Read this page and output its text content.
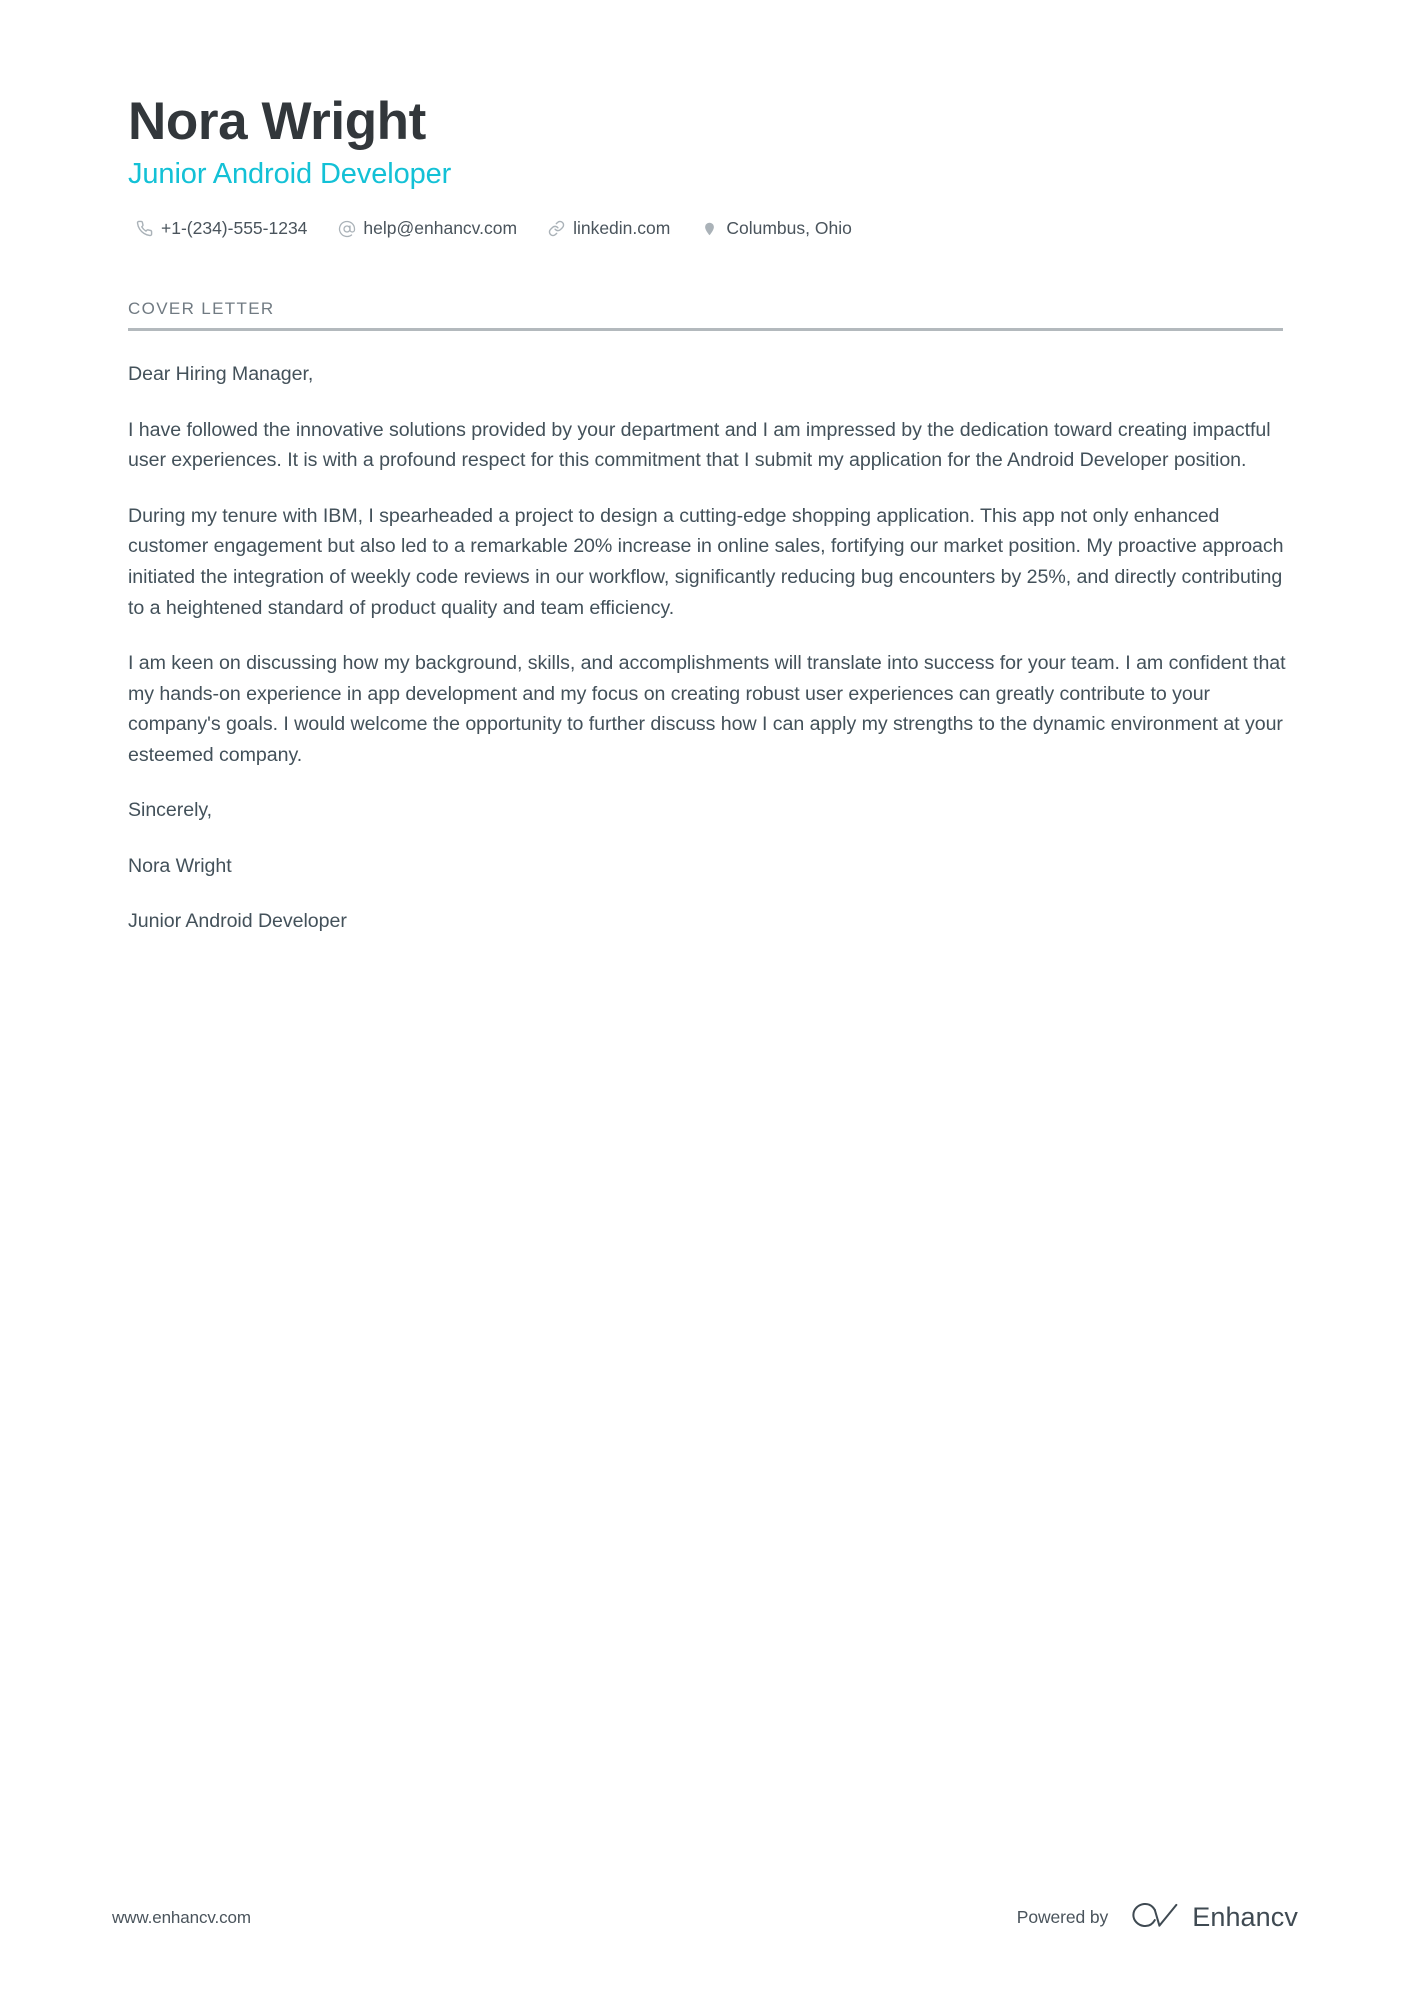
Nora Wright
Junior Android Developer
+1-(234)-555-1234	help@enhancv.com	linkedin.com	Columbus, Ohio
COVER LETTER

Dear Hiring Manager,

I have followed the innovative solutions provided by your department and I am impressed by the dedication toward creating impactful user experiences. It is with a profound respect for this commitment that I submit my application for the Android Developer position.

During my tenure with IBM, I spearheaded a project to design a cutting-edge shopping application. This app not only enhanced customer engagement but also led to a remarkable 20% increase in online sales, fortifying our market position. My proactive approach initiated the integration of weekly code reviews in our workflow, significantly reducing bug encounters by 25%, and directly contributing to a heightened standard of product quality and team efficiency.

I am keen on discussing how my background, skills, and accomplishments will translate into success for your team. I am confident that my hands-on experience in app development and my focus on creating robust user experiences can greatly contribute to your company's goals. I would welcome the opportunity to further discuss how I can apply my strengths to the dynamic environment at your esteemed company.

Sincerely,

Nora Wright

Junior Android Developer

www.enhancv.com	Powered by	Enhancv
